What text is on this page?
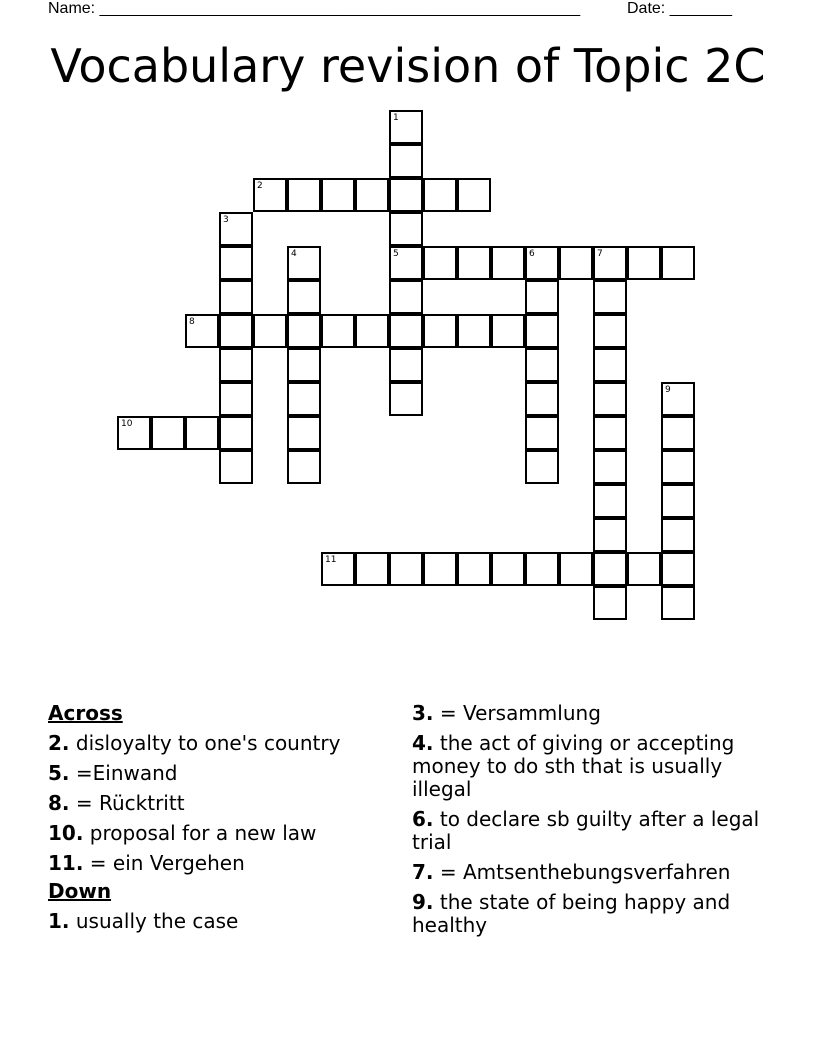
Name: ______________________________________________________	Date: _______
Vocabulary revision of Topic 2C
1
5
2
3
4	6	7
8
9
10
11
Across
2. disloyalty to one's country
5. =Einwand
8. = Rücktritt
10. proposal for a new law
11. = ein Vergehen
Down
1. usually the case
3. = Versammlung
4. the act of giving or accepting money to do sth that is usually illegal
6. to declare sb guilty after a legal trial
7. = Amtsenthebungsverfahren
9. the state of being happy and healthy
